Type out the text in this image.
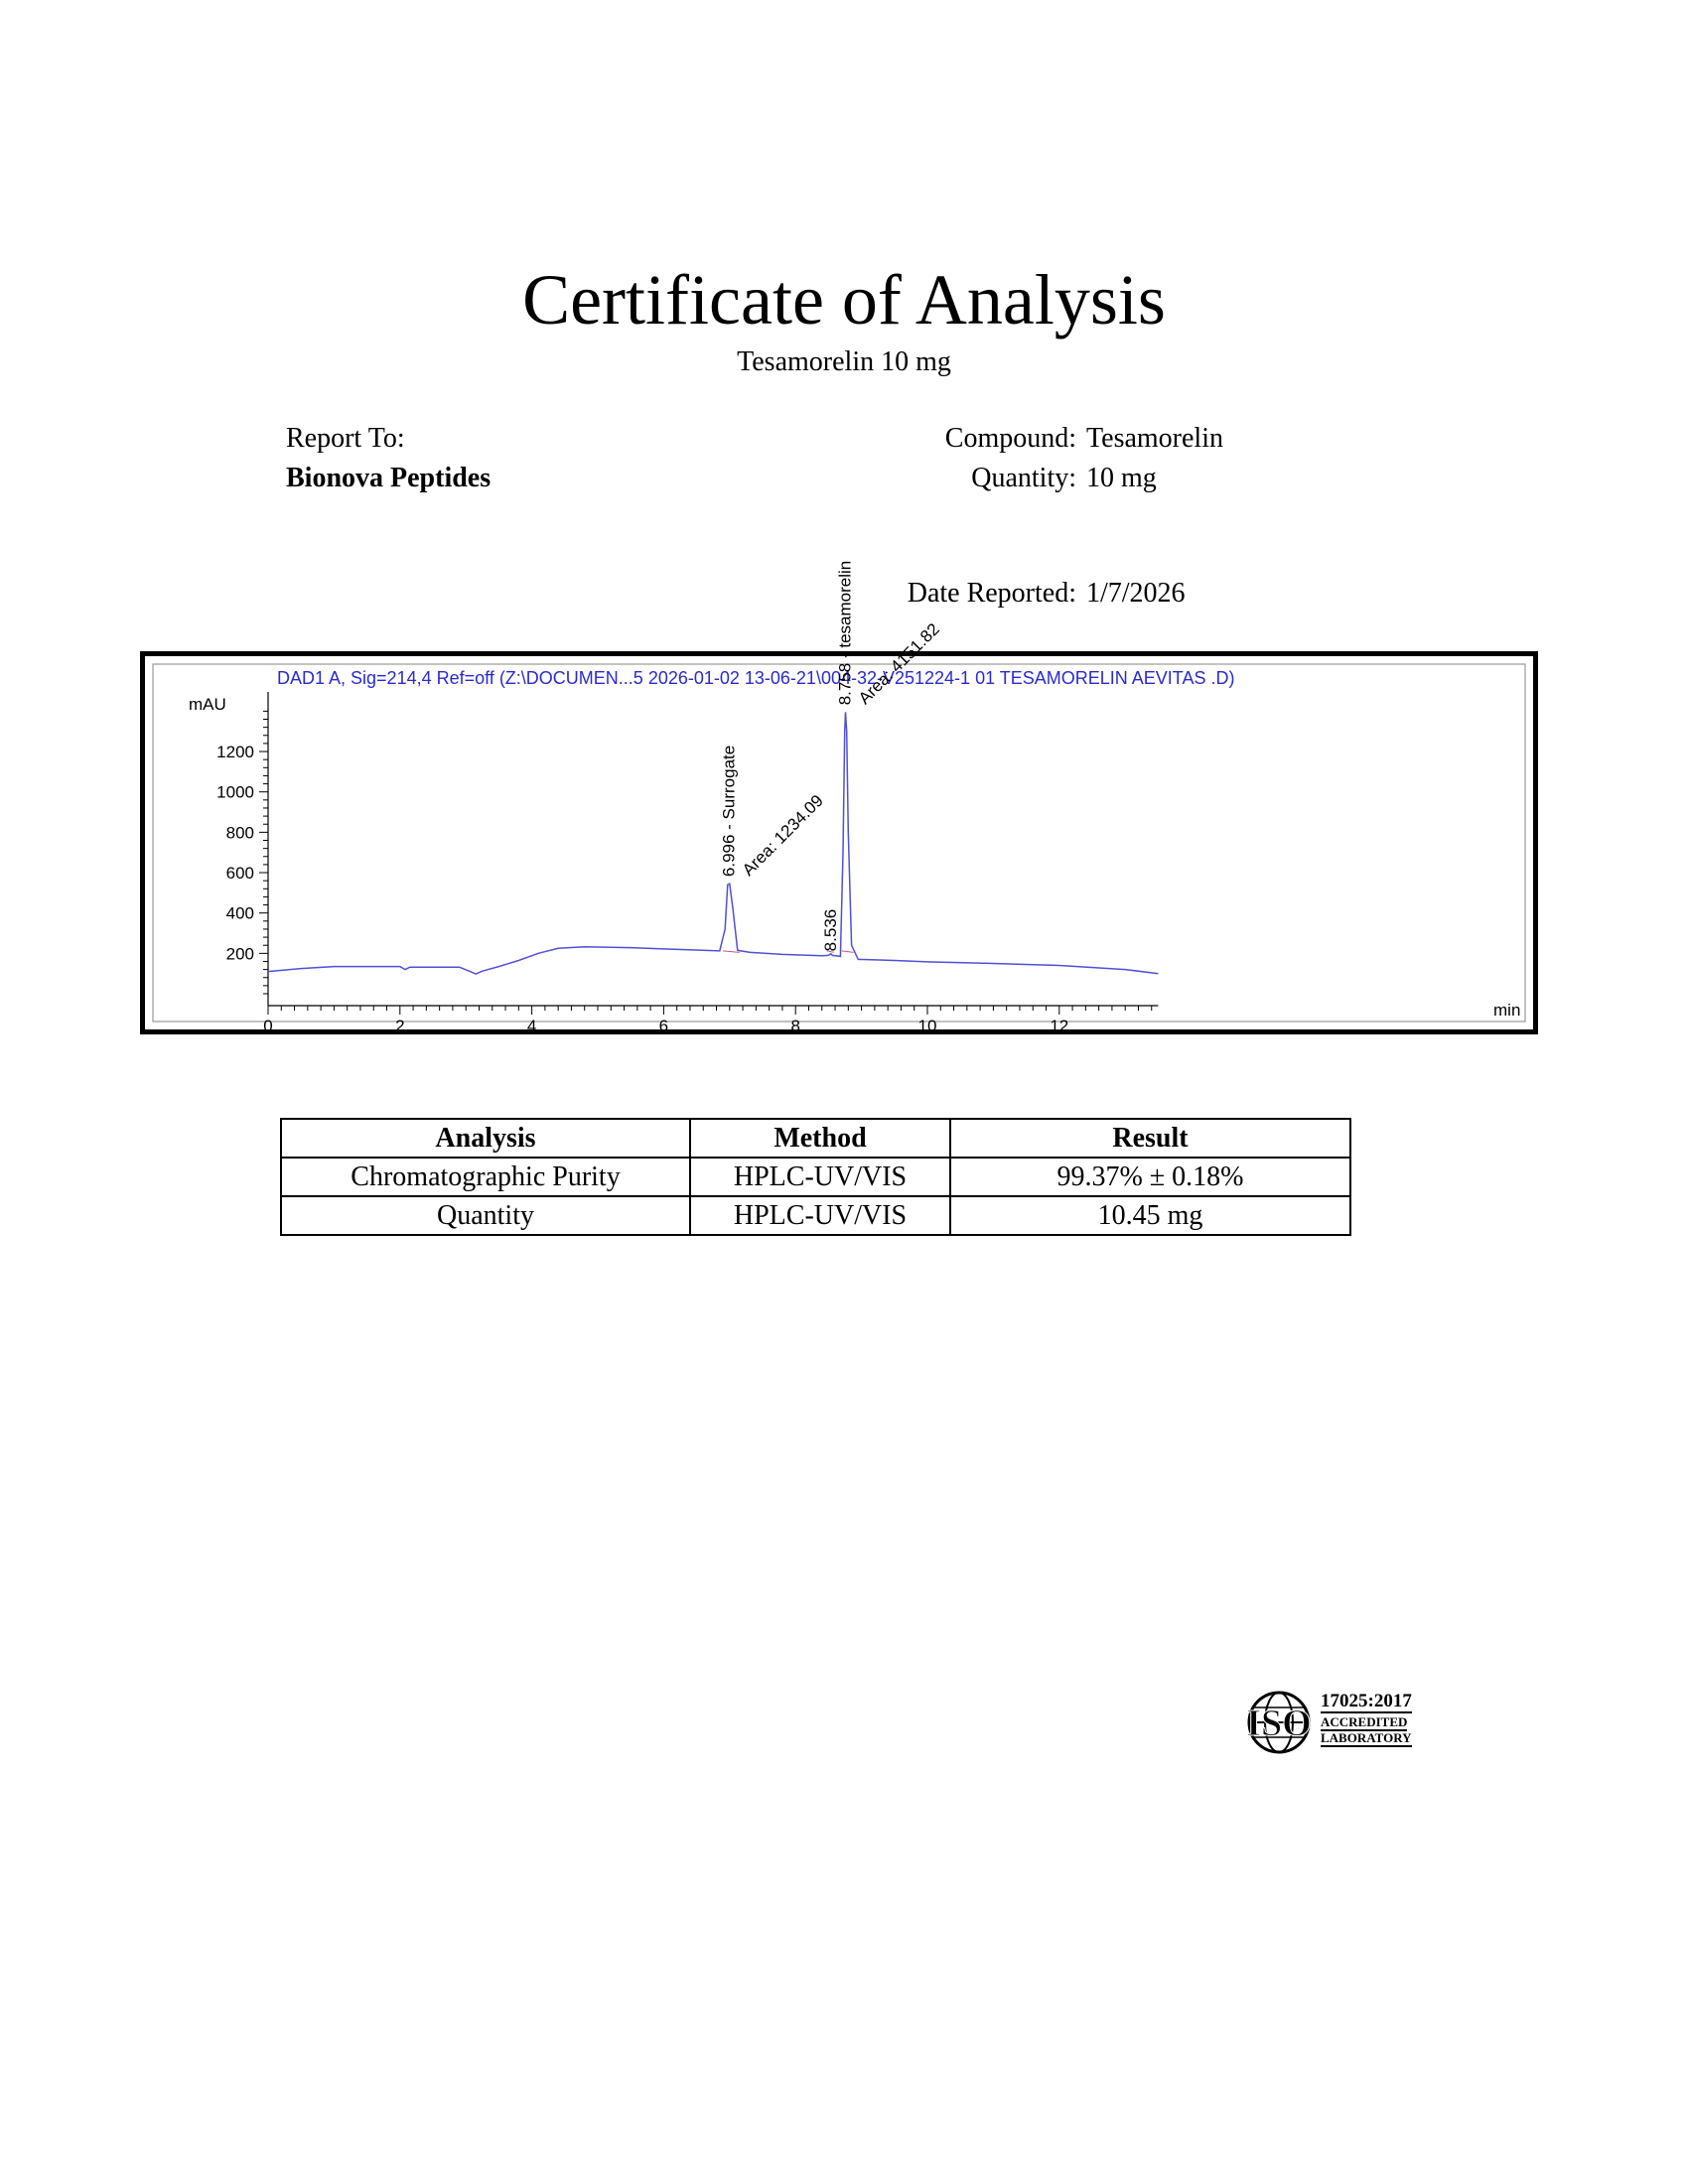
Certificate of Analysis
Tesamorelin 10 mg
Report To:
Bionova Peptides
Compound: Tesamorelin
Quantity: 10 mg
Date Reported: 1/7/2026
DAD1 A, Sig=214,4 Ref=off (Z:\DOCUMEN...5 2026-01-02 13-06-21\004-32-V251224-1 01 TESAMORELIN AEVITAS .D)
mAU
min
200
400
600
800
1000
1200
0	2	4	6	8	10	12
6.996 - Surrogate Area: 1234.09
8.536
8.758 - tesamorelin Area: 4151.82
Analysis	Method	Result
Chromatographic Purity	HPLC-UV/VIS	99.37% ± 0.18%
Quantity	HPLC-UV/VIS	10.45 mg
ISO
17025:2017
ACCREDITED
LABORATORY
